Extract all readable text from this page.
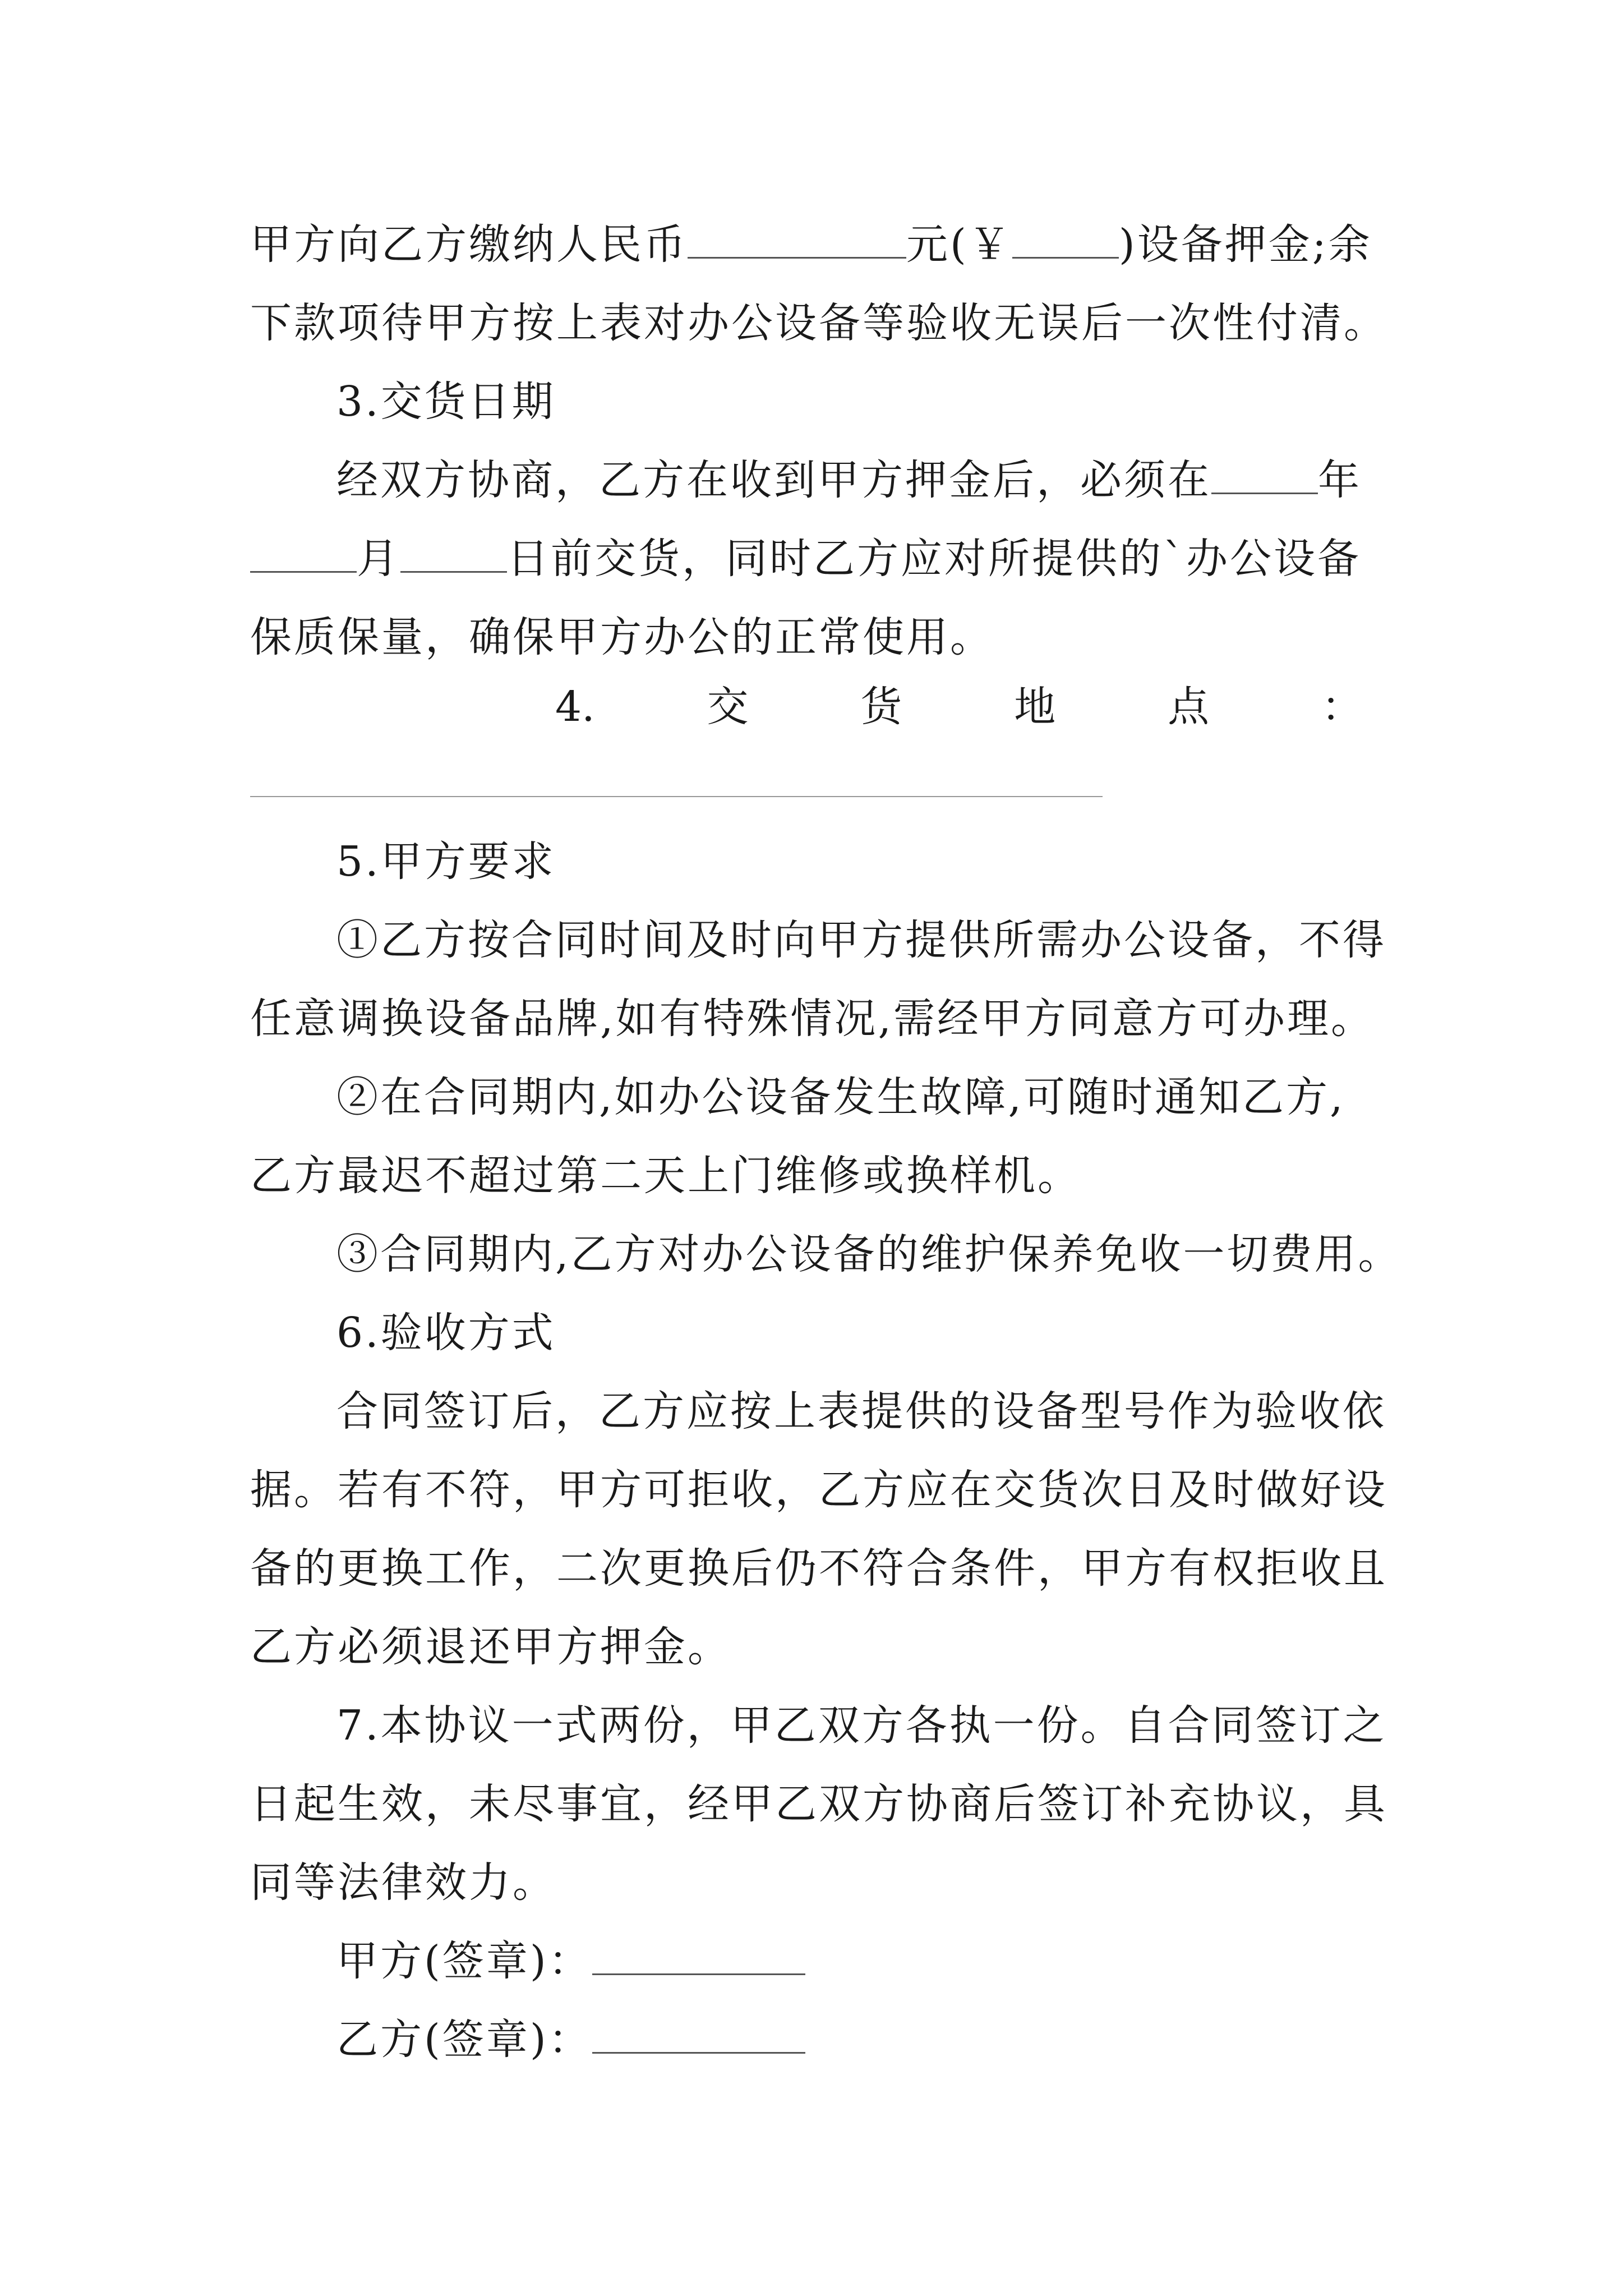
甲方向乙方缴纳人民币	元(￥	)设备押金;余
下款项待甲方按上表对办公设备等验收无误后一次性付清。
3.交货日期
经双方协商，乙方在收到甲方押金后，必须在	年
月	日前交货，同时乙方应对所提供的`办公设备
保质保量，确保甲方办公的正常使用。
4.	交	货	地	点	：
5.甲方要求
①乙方按合同时间及时向甲方提供所需办公设备，不得
任意调换设备品牌,如有特殊情况,需经甲方同意方可办理。
②在合同期内,如办公设备发生故障,可随时通知乙方,
乙方最迟不超过第二天上门维修或换样机。
③合同期内,乙方对办公设备的维护保养免收一切费用。
6.验收方式
合同签订后，乙方应按上表提供的设备型号作为验收依
据。若有不符，甲方可拒收，乙方应在交货次日及时做好设
备的更换工作，二次更换后仍不符合条件，甲方有权拒收且
乙方必须退还甲方押金。
7.本协议一式两份，甲乙双方各执一份。自合同签订之
日起生效，未尽事宜，经甲乙双方协商后签订补充协议，具
同等法律效力。
甲方(签章)：
乙方(签章)：
